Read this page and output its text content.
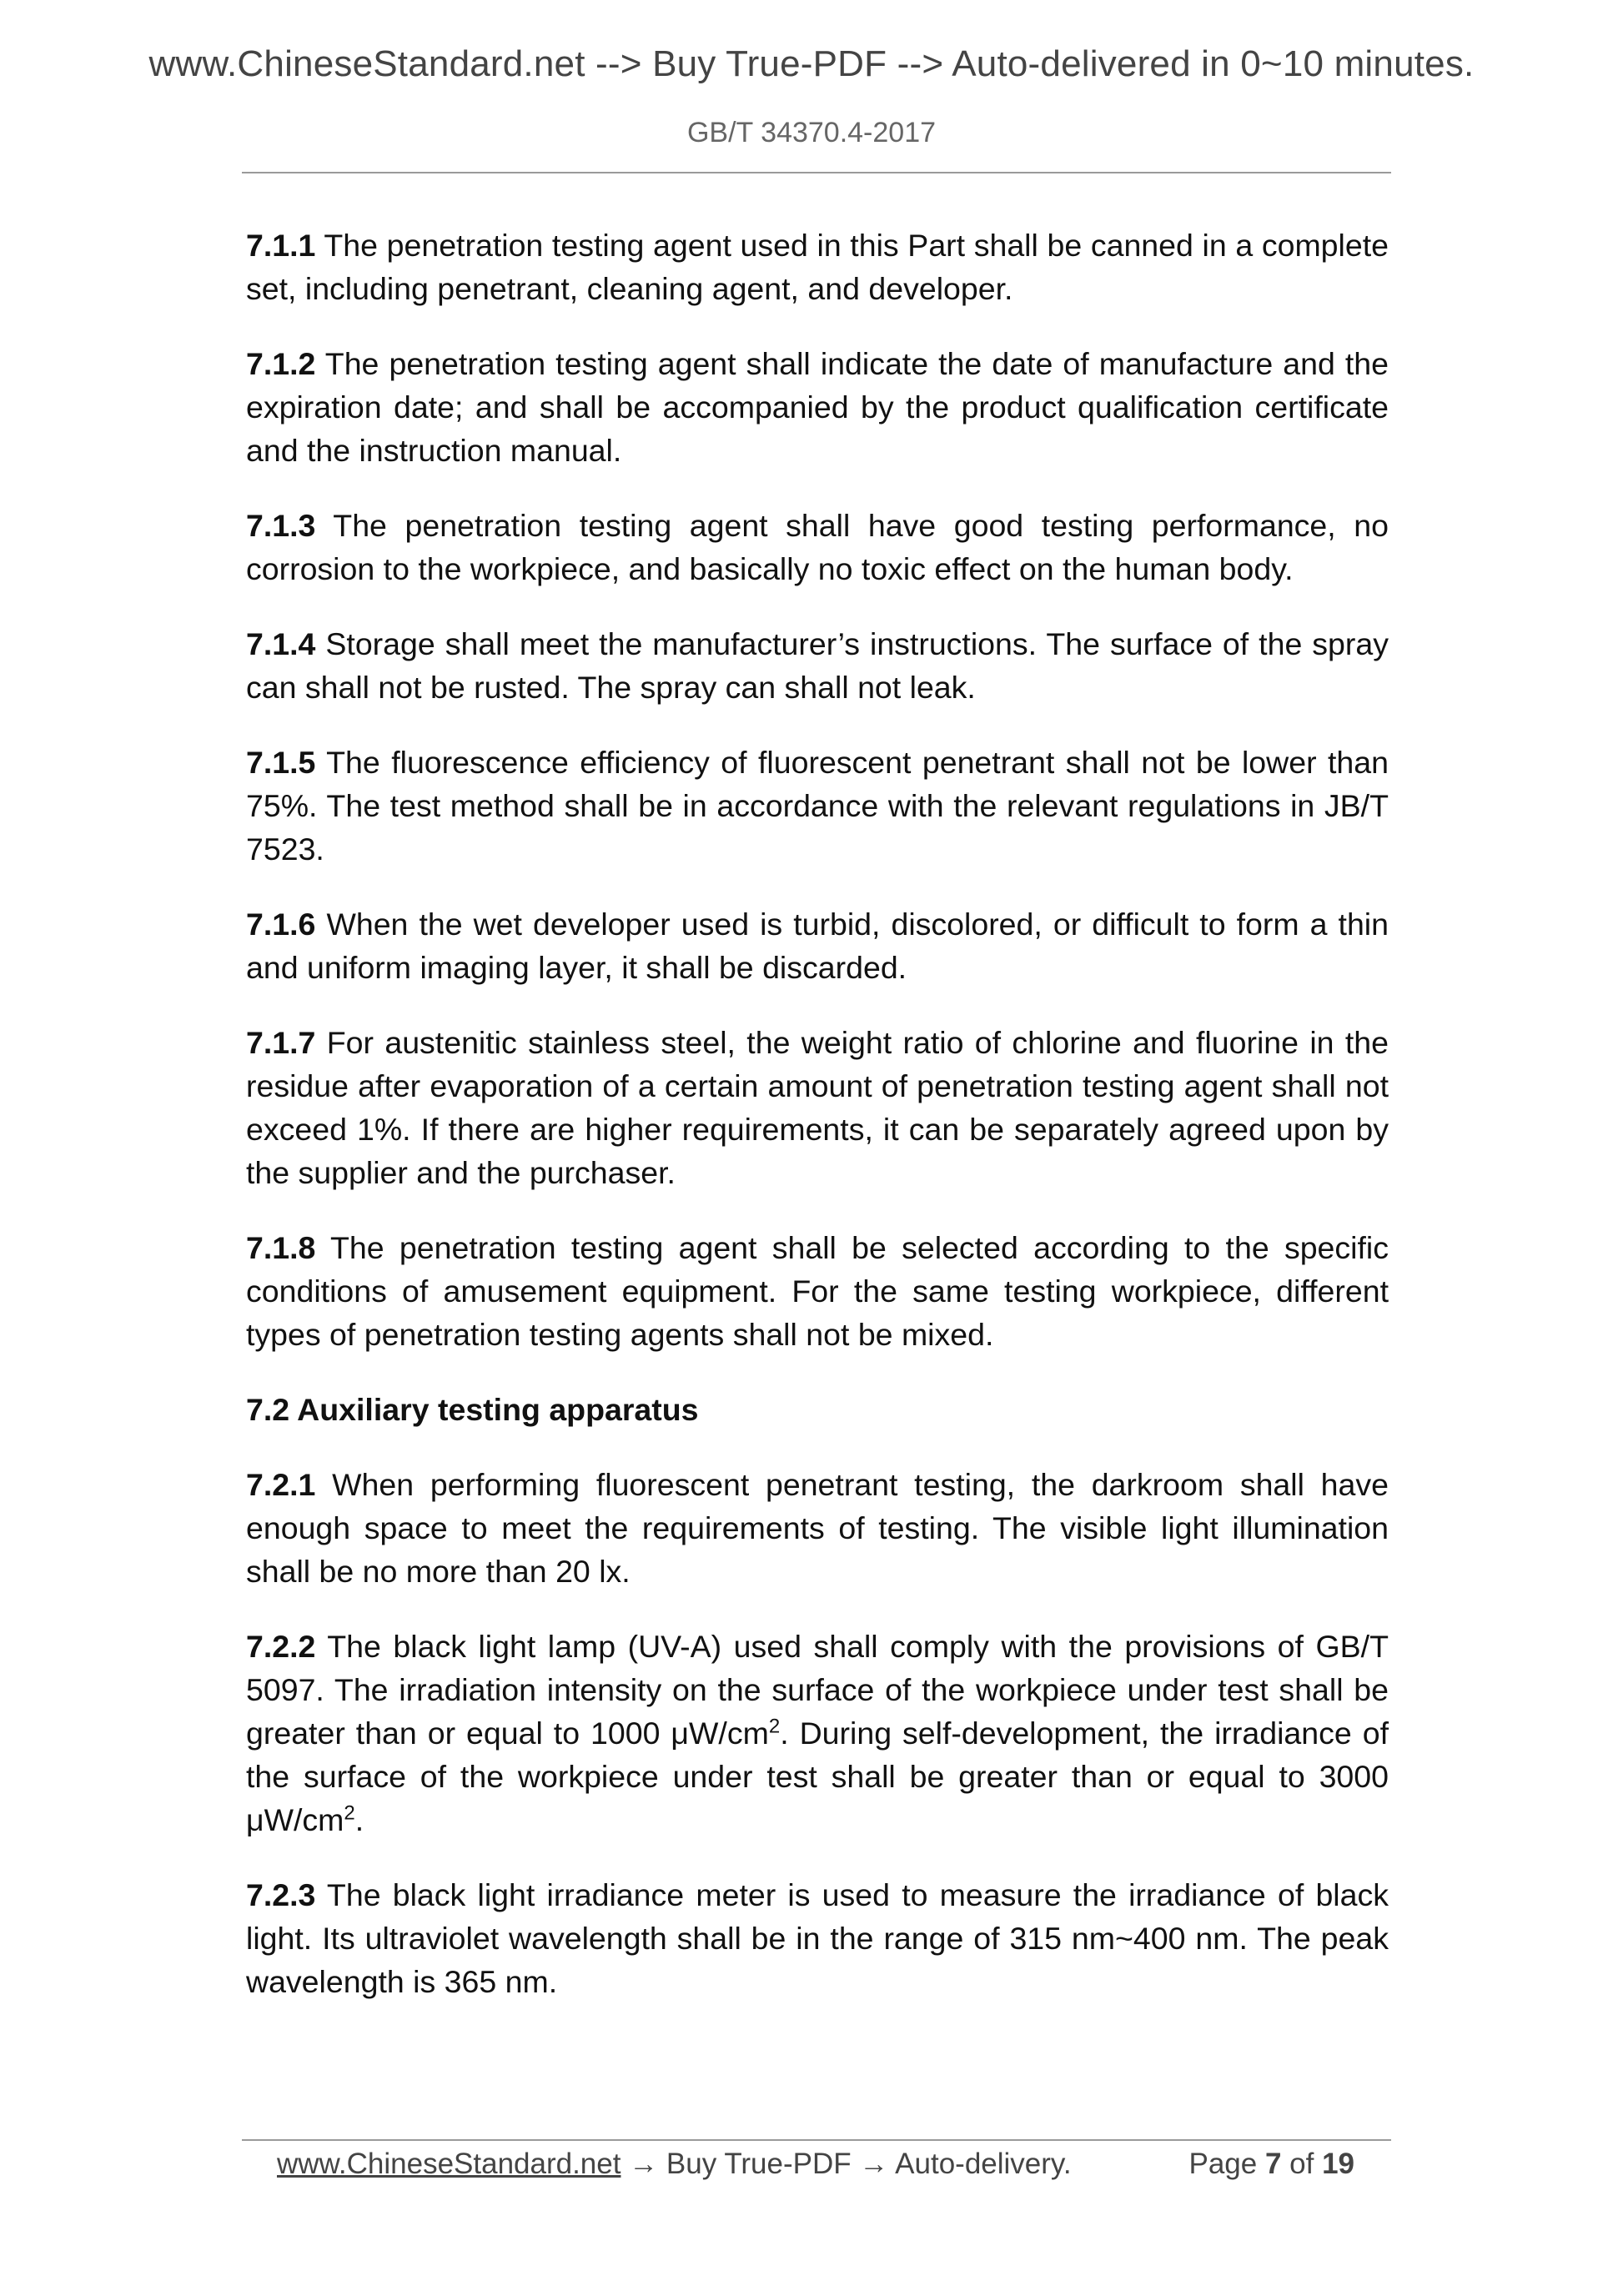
www.ChineseStandard.net --> Buy True-PDF --> Auto-delivered in 0~10 minutes.
GB/T 34370.4-2017

7.1.1 The penetration testing agent used in this Part shall be canned in a complete set, including penetrant, cleaning agent, and developer.

7.1.2 The penetration testing agent shall indicate the date of manufacture and the expiration date; and shall be accompanied by the product qualification certificate and the instruction manual.

7.1.3 The penetration testing agent shall have good testing performance, no corrosion to the workpiece, and basically no toxic effect on the human body.

7.1.4 Storage shall meet the manufacturer’s instructions. The surface of the spray can shall not be rusted. The spray can shall not leak.

7.1.5 The fluorescence efficiency of fluorescent penetrant shall not be lower than 75%. The test method shall be in accordance with the relevant regulations in JB/T 7523.

7.1.6 When the wet developer used is turbid, discolored, or difficult to form a thin and uniform imaging layer, it shall be discarded.

7.1.7 For austenitic stainless steel, the weight ratio of chlorine and fluorine in the residue after evaporation of a certain amount of penetration testing agent shall not exceed 1%. If there are higher requirements, it can be separately agreed upon by the supplier and the purchaser.

7.1.8 The penetration testing agent shall be selected according to the specific conditions of amusement equipment. For the same testing workpiece, different types of penetration testing agents shall not be mixed.

7.2 Auxiliary testing apparatus

7.2.1 When performing fluorescent penetrant testing, the darkroom shall have enough space to meet the requirements of testing. The visible light illumination shall be no more than 20 lx.

7.2.2 The black light lamp (UV-A) used shall comply with the provisions of GB/T 5097. The irradiation intensity on the surface of the workpiece under test shall be greater than or equal to 1000 $\mu W/cm^2$. During self-development, the irradiance of the surface of the workpiece under test shall be greater than or equal to 3000 $\mu W/cm^2$.

7.2.3 The black light irradiance meter is used to measure the irradiance of black light. Its ultraviolet wavelength shall be in the range of 315 nm~400 nm. The peak wavelength is 365 nm.

www.ChineseStandard.net → Buy True-PDF → Auto-delivery.	Page 7 of 19
